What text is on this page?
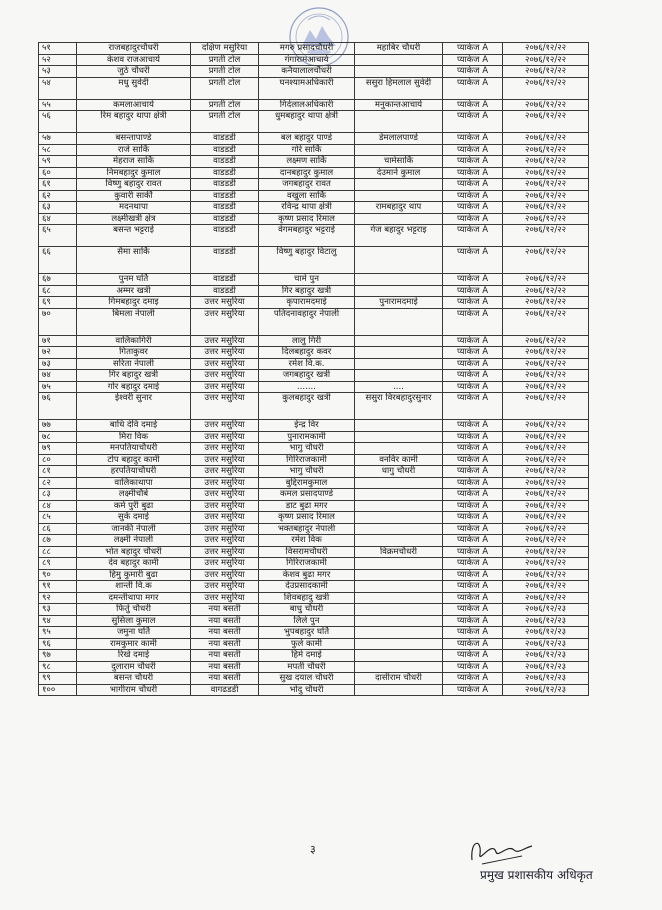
५१	राजबहादुरचौधरी	दक्षिण मसुरिया	मगरु प्रसादचौधरी	महाबिर चौधरी	प्याकेज A	२०७६/१२/२२
५२	केशव राजआचार्य	प्रगती टोल	गंगारामआचार्य		प्याकेज A	२०७६/१२/२२
५३	जुठे चौधरी	प्रगती टोल	कनैयालालचौधरी		प्याकेज A	२०७६/१२/२२
५४	मधु सुवेदी	प्रगती टोल	घनश्यामअधिकारी	ससुरा हिमलाल सुवेदी	प्याकेज A	२०७६/१२/२२
५५	कमलाआचार्य	प्रगती टोल	गिर्दलालअधिकारी	मनुकान्तआचार्य	प्याकेज A	२०७६/१२/२२
५६	रिम बहादुर थापा क्षेत्री	प्रगती टोल	धुमबहादुर थापा क्षेत्री		प्याकेज A	२०७६/१२/२२
५७	बसन्तापाण्डे	वाडडडी	बल बहादुर पाण्डे	डेमलालपाण्डे	प्याकेज A	२०७६/१२/२२
५८	राजे सार्कि	वाडडडी	गोरे सार्कि		प्याकेज A	२०७६/१२/२२
५९	मेहराज सार्कि	वाडडडी	लक्ष्मण सार्कि	चामेसार्कि	प्याकेज A	२०७६/१२/२२
६०	निमबहादुर कुमाल	वाडडडी	दानबहादुर कुमाल	देउमाने कुमाल	प्याकेज A	२०७६/१२/२२
६१	विष्णु बहादुर रावत	वाडडडी	जगबहादुर रावत		प्याकेज A	२०७६/१२/२२
६२	कुवारी सार्की	वाडडडी	वखुला सार्कि		प्याकेज A	२०७६/१२/२२
६३	मदनथापा	वाडडडी	रविन्द्र थापा क्षेत्री	रामबहादुर थाप	प्याकेज A	२०७६/१२/२२
६४	लक्ष्मीखत्री क्षेत्र	वाडडडी	कृष्ण प्रसाद रिमाल		प्याकेज A	२०७६/१२/२२
६५	बसन्त भट्टराई	वाडडडी	वेगमबहादुर भट्टराई	गेज बहादुर भट्टराइ	प्याकेज A	२०७६/१२/२२
६६	सैमा सार्कि	वाडडडी	विष्णु बहादुर विटालु		प्याकेज A	२०७६/१२/२२
६७	पुनम घर्ति	वाडडडी	चामे पुन		प्याकेज A	२०७६/१२/२२
६८	अम्मर खत्री	वाडडडी	गिर बहादुर खत्री		प्याकेज A	२०७६/१२/२२
६९	गिमबहादुर दमाइ	उत्तर मसुरिया	कृपारामदमाई	पुनारामदमाई	प्याकेज A	२०७६/१२/२२
७०	बिमला नेपाली	उत्तर मसुरिया	पतिदनावहादुर नेपाली		प्याकेज A	२०७६/१२/२२
७१	वालिकागिरी	उत्तर मसुरिया	लालु गिरी		प्याकेज A	२०७६/१२/२२
७२	गिताकुवर	उत्तर मसुरिया	दिलबहादुर कवर		प्याकेज A	२०७६/१२/२२
७३	सरिता नेपाली	उत्तर मसुरिया	रमेश वि.क.		प्याकेज A	२०७६/१२/२२
७४	गिर बहादुर खत्री	उत्तर मसुरिया	जगबहादुर खत्री		प्याकेज A	२०७६/१२/२२
७५	गोर बहादुर दमाई	उत्तर मसुरिया	.......	....	प्याकेज A	२०७६/१२/२२
७६	ईश्वरी सुनार	उत्तर मसुरिया	कुलबहादुर खत्री	ससुरा विरबहादुरसुनार	प्याकेज A	२०७६/१२/२२
७७	बाधि देवि दमाई	उत्तर मसुरिया	ईन्द्र विर		प्याकेज A	२०७६/१२/२२
७८	मिरा विक	उत्तर मसुरिया	पुनारामकामी		प्याकेज A	२०७६/१२/२२
७९	मनपतियाचौधरी	उत्तर मसुरिया	भागु चौधरी		प्याकेज A	२०७६/१२/२२
८०	टोप बहादुर कामी	उत्तर मसुरिया	गिरिराजकामी	वनविर कामी	प्याकेज A	२०७६/१२/२२
८१	हरपतियाचौधरी	उत्तर मसुरिया	भागु चौधरी	धागु चौधरी	प्याकेज A	२०७६/१२/२२
८२	वालिकाथापा	उत्तर मसुरिया	बुद्दिरामकुमाल		प्याकेज A	२०७६/१२/२२
८३	लक्ष्मीचौबे	उत्तर मसुरिया	कमल प्रसादपाण्डे		प्याकेज A	२०७६/१२/२२
८४	कर्म पुरी बुढा	उत्तर मसुरिया	डाट बुढा मगर		प्याकेज A	२०७६/१२/२२
८५	सुर्के दमाई	उत्तर मसुरिया	कृष्ण प्रसाद रिमाल		प्याकेज A	२०७६/१२/२२
८६	जानकी नेपाली	उत्तर मसुरिया	भक्तबहादुर नेपाली		प्याकेज A	२०७६/१२/२२
८७	लक्ष्मी नेपाली	उत्तर मसुरिया	रमेश विक		प्याकेज A	२०७६/१२/२२
८८	भोत बहादुर चौधरी	उत्तर मसुरिया	विसरामचौधरी	विक्रमचौधरी	प्याकेज A	२०७६/१२/२२
८९	देव बहादुर कामी	उत्तर मसुरिया	गिरिराजकामी		प्याकेज A	२०७६/१२/२२
९०	हिमु कुमारी बुढा	उत्तर मसुरिया	केशव बुढा मगर		प्याकेज A	२०७६/१२/२२
९१	शान्ती वि.क	उत्तर मसुरिया	देउप्रसादकामी		प्याकेज A	२०७६/१२/२२
९२	दमन्तीथापा मगर	उत्तर मसुरिया	शिवबहादु खत्री		प्याकेज A	२०७६/१२/२२
९३	फिर्तु चौधरी	नया बसती	बाधु चौधरी		प्याकेज A	२०७६/१२/२३
९४	सुसिला कुमाल	नया बसती	लिले पुन		प्याकेज A	२०७६/१२/२३
९५	जमुना घर्ति	नया बसती	भुपबहादुर घर्ति		प्याकेज A	२०७६/१२/२३
९६	रामकुमार कामी	नया बसती	फुले कामी		प्याकेज A	२०७६/१२/२३
९७	रिखे दमाई	नया बसती	हिमे दमाई		प्याकेज A	२०७६/१२/२३
९८	दुलाराम चौधरी	नया बसती	मपती चौधरी		प्याकेज A	२०७६/१२/२३
९९	बसन्त चौधरी	नया बसती	सुख दयाल चौधरी	दासीराम चौधरी	प्याकेज A	२०७६/१२/२३
१००	भागीराम चौधरी	वागढडडी	भोदु चौधरी		प्याकेज A	२०७६/१२/२३
३
प्रमुख प्रशासकीय अधिकृत
